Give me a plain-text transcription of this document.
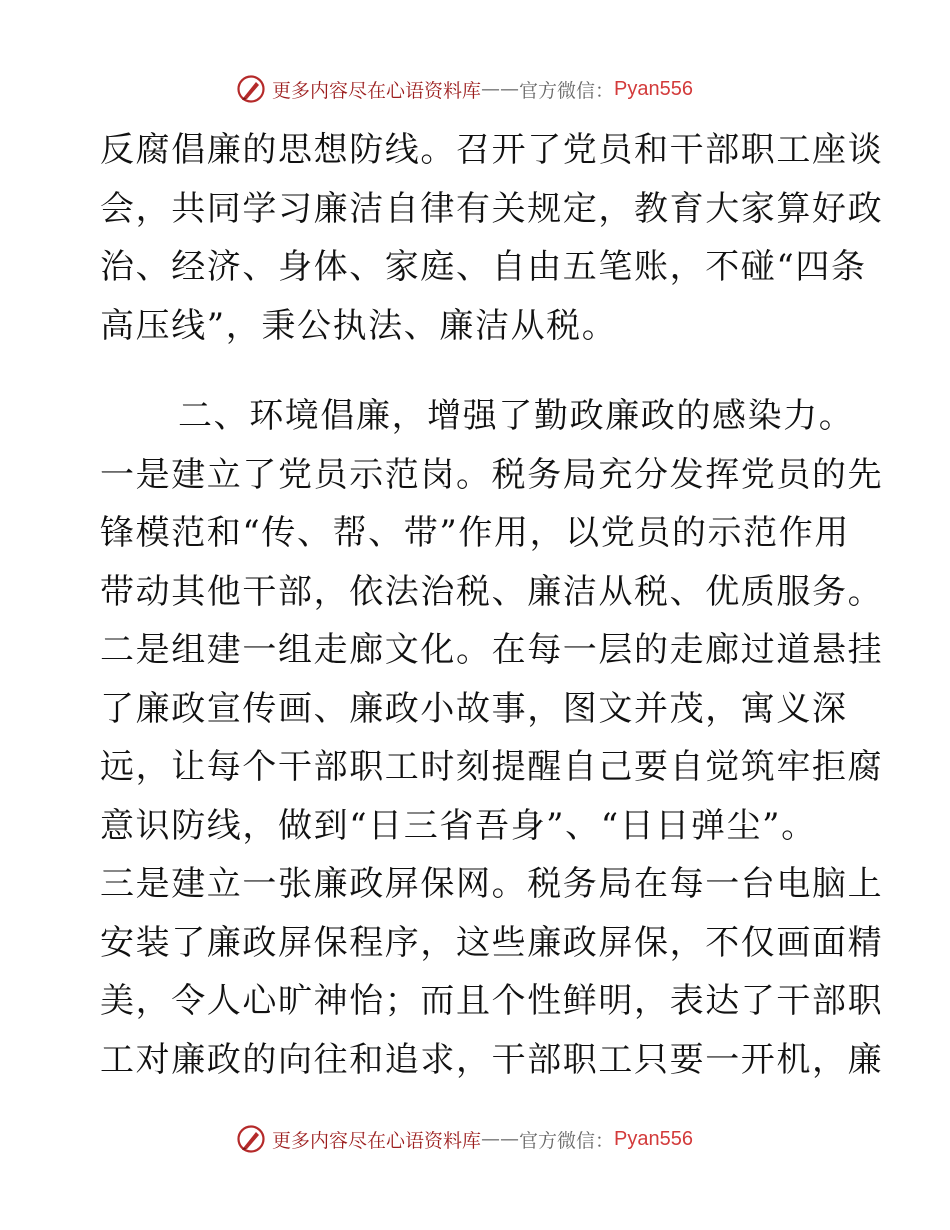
更多内容尽在心语资料库 —— 官方微信： Pyan556
反腐倡廉的思想防线。召开了党员和干部职工座谈
会，共同学习廉洁自律有关规定，教育大家算好政
治、经济、身体、家庭、自由五笔账，不碰“四条
高压线”，秉公执法、廉洁从税。
二、环境倡廉，增强了勤政廉政的感染力。
一是建立了党员示范岗。税务局充分发挥党员的先
锋模范和“传、帮、带”作用，以党员的示范作用
带动其他干部，依法治税、廉洁从税、优质服务。
二是组建一组走廊文化。在每一层的走廊过道悬挂
了廉政宣传画、廉政小故事，图文并茂，寓义深
远，让每个干部职工时刻提醒自己要自觉筑牢拒腐
意识防线，做到“日三省吾身”、“日日弹尘”。
三是建立一张廉政屏保网。税务局在每一台电脑上
安装了廉政屏保程序，这些廉政屏保，不仅画面精
美，令人心旷神怡；而且个性鲜明，表达了干部职
工对廉政的向往和追求，干部职工只要一开机，廉
更多内容尽在心语资料库 —— 官方微信： Pyan556
